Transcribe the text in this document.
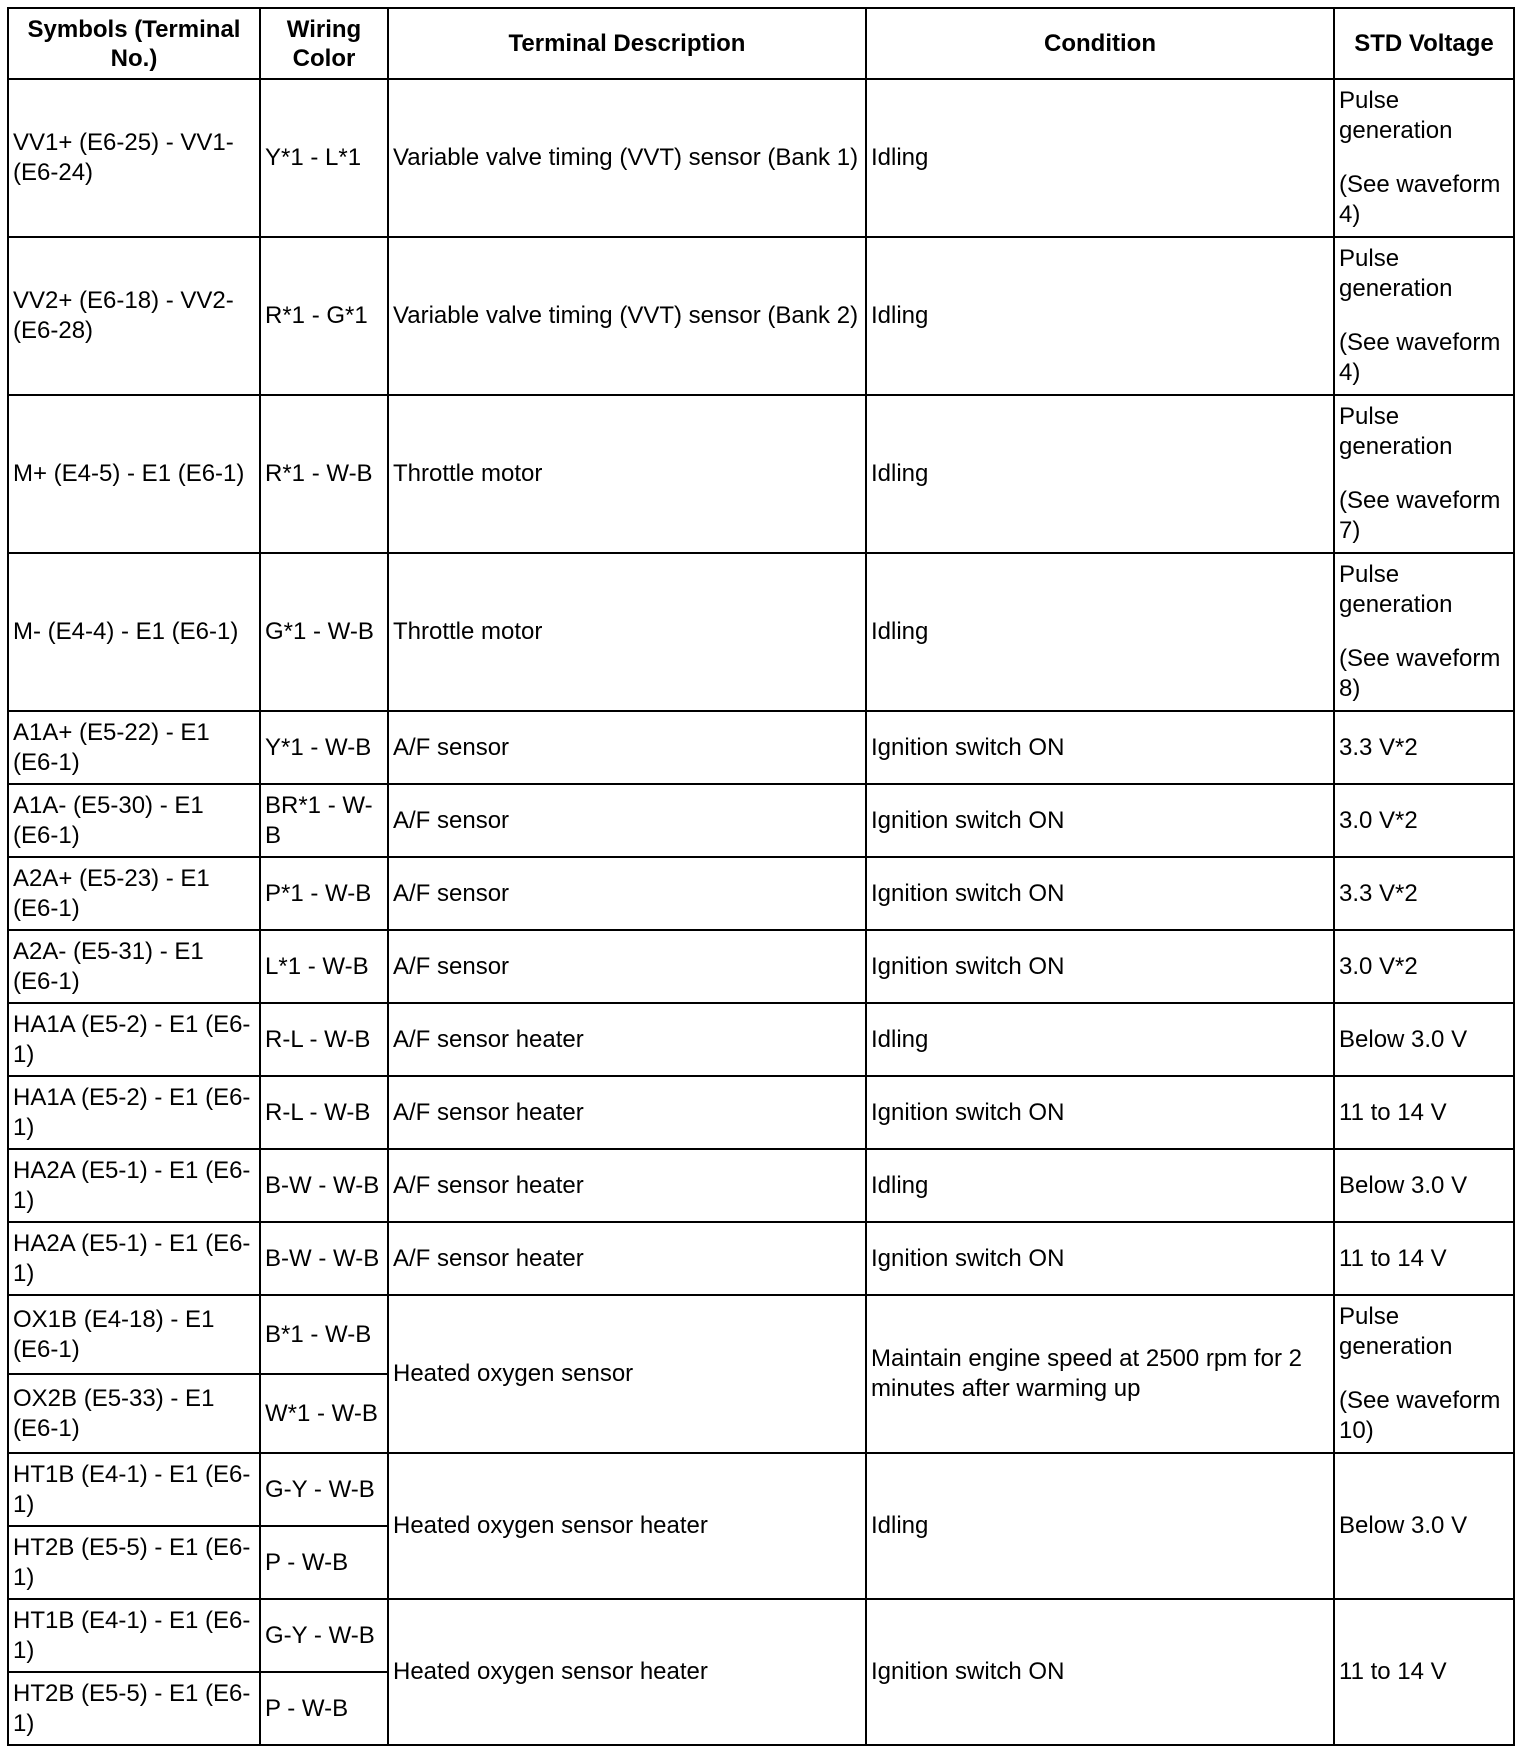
Symbols (Terminal No.)	Wiring Color	Terminal Description	Condition	STD Voltage
VV1+ (E6-25) - VV1- (E6-24)	Y*1 - L*1	Variable valve timing (VVT) sensor (Bank 1)	Idling	Pulse generation

(See waveform 4)

VV2+ (E6-18) - VV2- (E6-28)	R*1 - G*1	Variable valve timing (VVT) sensor (Bank 2)	Idling	Pulse generation

(See waveform 4)

M+ (E4-5) - E1 (E6-1)	R*1 - W-B	Throttle motor	Idling	Pulse generation

(See waveform 7)

M- (E4-4) - E1 (E6-1)	G*1 - W-B	Throttle motor	Idling	Pulse generation

(See waveform 8)

A1A+ (E5-22) - E1 (E6-1)	Y*1 - W-B	A/F sensor	Ignition switch ON	3.3 V*2
A1A- (E5-30) - E1 (E6-1)	BR*1 - W-B	A/F sensor	Ignition switch ON	3.0 V*2
A2A+ (E5-23) - E1 (E6-1)	P*1 - W-B	A/F sensor	Ignition switch ON	3.3 V*2
A2A- (E5-31) - E1 (E6-1)	L*1 - W-B	A/F sensor	Ignition switch ON	3.0 V*2
HA1A (E5-2) - E1 (E6-1)	R-L - W-B	A/F sensor heater	Idling	Below 3.0 V
HA1A (E5-2) - E1 (E6-1)	R-L - W-B	A/F sensor heater	Ignition switch ON	11 to 14 V
HA2A (E5-1) - E1 (E6-1)	B-W - W-B	A/F sensor heater	Idling	Below 3.0 V
HA2A (E5-1) - E1 (E6-1)	B-W - W-B	A/F sensor heater	Ignition switch ON	11 to 14 V
OX1B (E4-18) - E1 (E6-1)	B*1 - W-B	Heated oxygen sensor	Maintain engine speed at 2500 rpm for 2 minutes after warming up	Pulse generation

(See waveform 10)

OX2B (E5-33) - E1 (E6-1)	W*1 - W-B			
HT1B (E4-1) - E1 (E6-1)	G-Y - W-B	Heated oxygen sensor heater	Idling	Below 3.0 V
HT2B (E5-5) - E1 (E6-1)	P - W-B			
HT1B (E4-1) - E1 (E6-1)	G-Y - W-B	Heated oxygen sensor heater	Ignition switch ON	11 to 14 V
HT2B (E5-5) - E1 (E6-1)	P - W-B			
